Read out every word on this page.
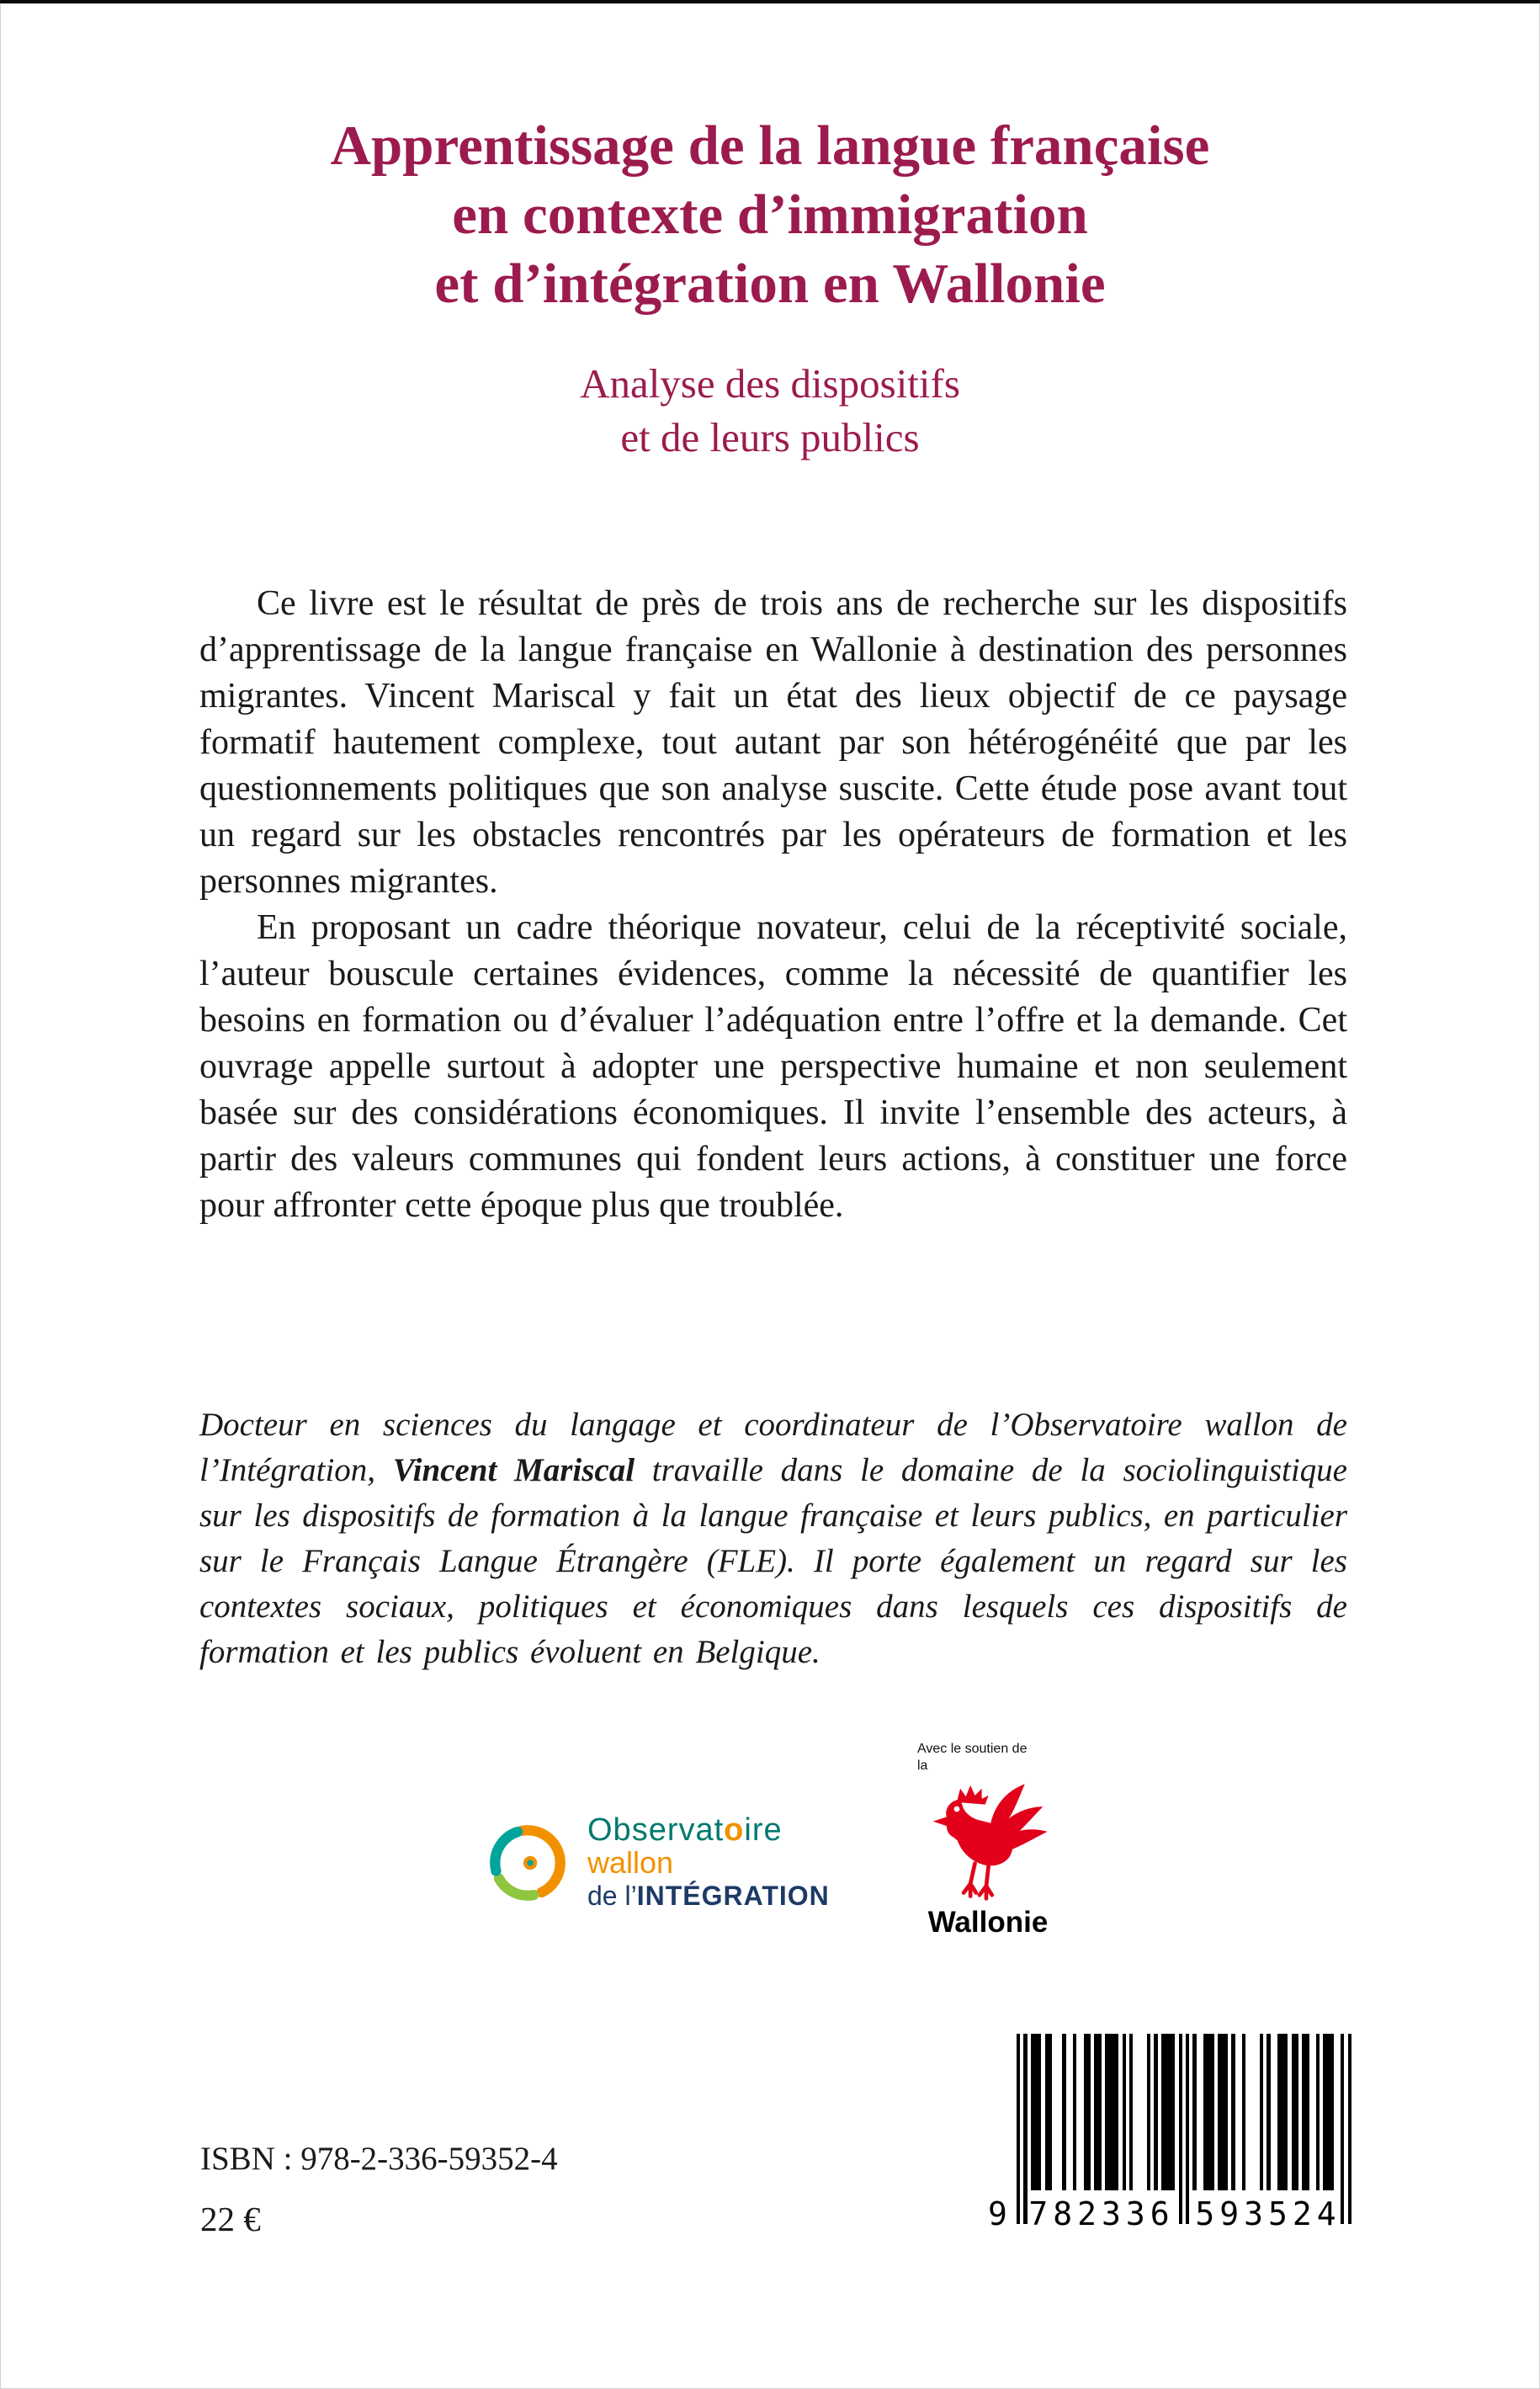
Apprentissage de la langue française
en contexte d’immigration
et d’intégration en Wallonie
Analyse des dispositifs
et de leurs publics

Ce livre est le résultat de près de trois ans de recherche sur les dispositifs d’apprentissage de la langue française en Wallonie à destination des personnes migrantes. Vincent Mariscal y fait un état des lieux objectif de ce paysage formatif hautement complexe, tout autant par son hétérogénéité que par les questionnements politiques que son analyse suscite. Cette étude pose avant tout un regard sur les obstacles rencontrés par les opérateurs de formation et les personnes migrantes.

En proposant un cadre théorique novateur, celui de la réceptivité sociale, l’auteur bouscule certaines évidences, comme la nécessité de quantifier les besoins en formation ou d’évaluer l’adéquation entre l’offre et la demande. Cet ouvrage appelle surtout à adopter une perspective humaine et non seulement basée sur des considérations économiques. Il invite l’ensemble des acteurs, à partir des valeurs communes qui fondent leurs actions, à constituer une force pour affronter cette époque plus que troublée.

Docteur en sciences du langage et coordinateur de l’Observatoire wallon de l’Intégration, Vincent Mariscal travaille dans le domaine de la sociolinguistique sur les dispositifs de formation à la langue française et leurs publics, en particulier sur le Français Langue Étrangère (FLE). Il porte également un regard sur les contextes sociaux, politiques et économiques dans lesquels ces dispositifs de formation et les publics évoluent en Belgique.

Observatoire
wallon
de l’INTÉGRATION
Avec le soutien de
la
Wallonie
9 782336 593524
ISBN : 978-2-336-59352-4
22 €
